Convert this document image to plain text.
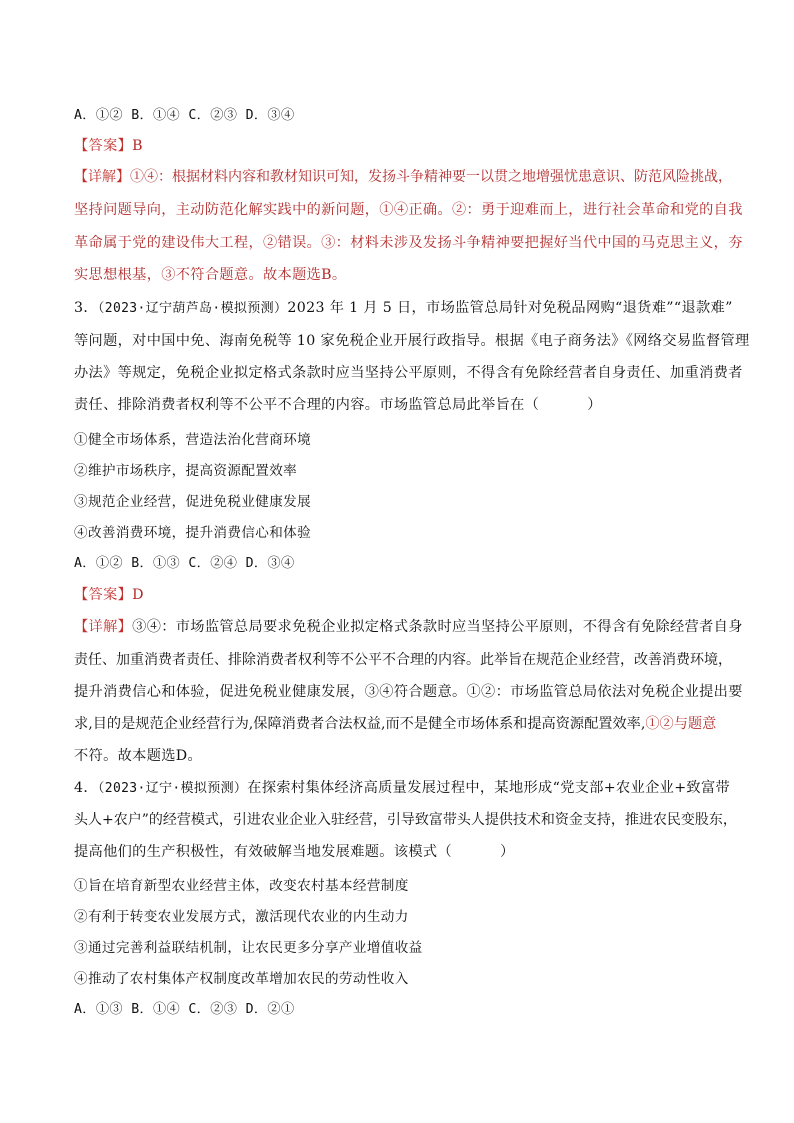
A．①② B．①④ C．②③ D．③④
【答案】B
【详解】①④：根据材料内容和教材知识可知，发扬斗争精神要一以贯之地增强忧患意识、防范风险挑战，
坚持问题导向，主动防范化解实践中的新问题，①④正确。②：勇于迎难而上，进行社会革命和党的自我
革命属于党的建设伟大工程，②错误。③：材料未涉及发扬斗争精神要把握好当代中国的马克思主义，夯
实思想根基，③不符合题意。故本题选B。
3．（2023·辽宁葫芦岛·模拟预测）2023 年 1 月 5 日，市场监管总局针对免税品网购“退货难”“退款难”
等问题，对中国中免、海南免税等 10 家免税企业开展行政指导。根据《电子商务法》《网络交易监督管理
办法》等规定，免税企业拟定格式条款时应当坚持公平原则，不得含有免除经营者自身责任、加重消费者
责任、排除消费者权利等不公平不合理的内容。市场监管总局此举旨在（	）
①健全市场体系，营造法治化营商环境
②维护市场秩序，提高资源配置效率
③规范企业经营，促进免税业健康发展
④改善消费环境，提升消费信心和体验
A．①② B．①③ C．②④ D．③④
【答案】D
【详解】③④：市场监管总局要求免税企业拟定格式条款时应当坚持公平原则，不得含有免除经营者自身
责任、加重消费者责任、排除消费者权利等不公平不合理的内容。此举旨在规范企业经营，改善消费环境，
提升消费信心和体验，促进免税业健康发展，③④符合题意。①②：市场监管总局依法对免税企业提出要
求,目的是规范企业经营行为,保障消费者合法权益,而不是健全市场体系和提高资源配置效率,①②与题意
不符。故本题选D。
4．（2023·辽宁·模拟预测）在探索村集体经济高质量发展过程中，某地形成“党支部+农业企业+致富带
头人+农户”的经营模式，引进农业企业入驻经营，引导致富带头人提供技术和资金支持，推进农民变股东，
提高他们的生产积极性，有效破解当地发展难题。该模式（	）
①旨在培育新型农业经营主体，改变农村基本经营制度
②有利于转变农业发展方式，激活现代农业的内生动力
③通过完善利益联结机制，让农民更多分享产业增值收益
④推动了农村集体产权制度改革增加农民的劳动性收入
A．①③ B．①④ C．②③ D．②①
